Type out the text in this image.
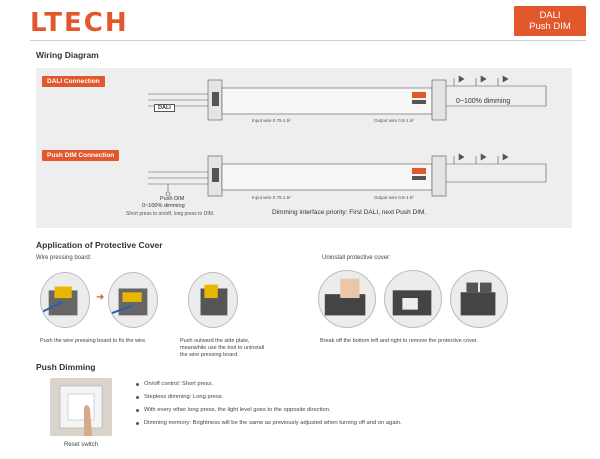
LTECH	DALI
Push DIM
Wiring Diagram
DALI Connection
DALI
0~100% dimming
Input wire 0.75-1.5²	Output wire 0.8-1.5²
Push DIM Connection
Push DIM
0~100% dimming
Short press to on/off, long press to DIM.
Input wire 0.75-1.5²	Output wire 0.8-1.5²
Dimming interface priority: First DALI, next Push DIM.
Application of Protective Cover
Wire pressing board:	Uninstall protective cover:
➜
Push the wire pressing board to fix the wire.	Push outward the side plate,
meanwhile use the tool to uninstall
the wire pressing board.
Break off the bottom left and right to remove the protective cover.
Push Dimming
Reset switch
On/off control: Short press.
Stepless dimming: Long press.
With every other long press, the light level goes to the opposite direction.
Dimming memory: Brightness will be the same as previously adjusted when turning off and on again.
